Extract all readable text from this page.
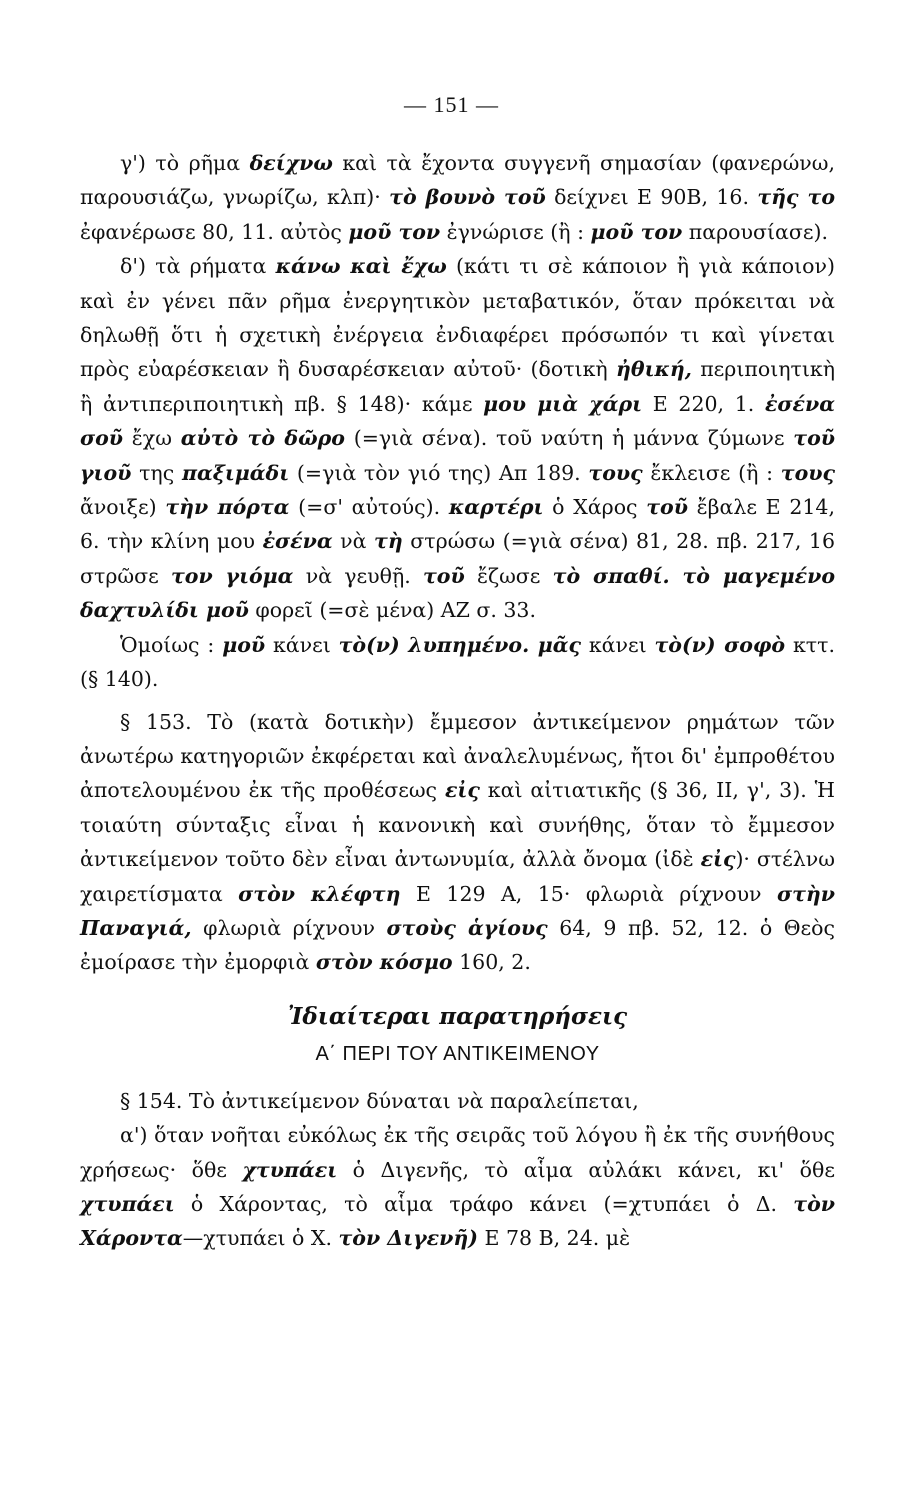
— 151 —

γ') τὸ ρῆμα δείχνω καὶ τὰ ἔχοντα συγγενῆ σημασίαν (φανερώνω, παρουσιάζω, γνωρίζω, κλπ)· τὸ βουνὸ τοῦ δείχνει Ε 90Β, 16. τῆς το ἐφανέρωσε 80, 11. αὐτὸς μοῦ τον ἐγνώρισε (ἢ : μοῦ τον παρουσίασε).

δ') τὰ ρήματα κάνω καὶ ἔχω (κάτι τι σὲ κάποιον ἢ γιὰ κάποιον) καὶ ἐν γένει πᾶν ρῆμα ἐνεργητικὸν μεταβατικόν, ὅταν πρόκειται νὰ δηλωθῇ ὅτι ἡ σχετικὴ ἐνέργεια ἐνδιαφέρει πρόσωπόν τι καὶ γίνεται πρὸς εὐαρέσκειαν ἢ δυσαρέσκειαν αὐτοῦ· (δοτικὴ ἠθική, περιποιητικὴ ἢ ἀντιπεριποιητικὴ πβ. § 148)· κάμε μου μιὰ χάρι Ε 220, 1. ἐσένα σοῦ ἔχω αὐτὸ τὸ δῶρο (=γιὰ σένα). τοῦ ναύτη ἡ μάννα ζύμωνε τοῦ γιοῦ της παξιμάδι (=γιὰ τὸν γιό της) Απ 189. τους ἔκλεισε (ἢ : τους ἄνοιξε) τὴν πόρτα (=σ' αὐτούς). καρτέρι ὁ Χάρος τοῦ ἔβαλε Ε 214, 6. τὴν κλίνη μου ἐσένα νὰ τὴ στρώσω (=γιὰ σένα) 81, 28. πβ. 217, 16 στρῶσε τον γιόμα νὰ γευθῇ. τοῦ ἔζωσε τὸ σπαθί. τὸ μαγεμένο δαχτυλίδι μοῦ φορεῖ (=σὲ μένα) ΑΖ σ. 33.

Ὁμοίως : μοῦ κάνει τὸ(ν) λυπημένο. μᾶς κάνει τὸ(ν) σοφὸ κττ. (§ 140).

§ 153. Τὸ (κατὰ δοτικὴν) ἔμμεσον ἀντικείμενον ρημάτων τῶν ἀνωτέρω κατηγοριῶν ἐκφέρεται καὶ ἀναλελυμένως, ἤτοι δι' ἐμπροθέτου ἀποτελουμένου ἐκ τῆς προθέσεως εἰς καὶ αἰτιατικῆς (§ 36, ΙΙ, γ', 3). Ἡ τοιαύτη σύνταξις εἶναι ἡ κανονικὴ καὶ συνήθης, ὅταν τὸ ἔμμεσον ἀντικείμενον τοῦτο δὲν εἶναι ἀντωνυμία, ἀλλὰ ὄνομα (ἰδὲ εἰς)· στέλνω χαιρετίσματα στὸν κλέφτη Ε 129 Α, 15· φλωριὰ ρίχνουν στὴν Παναγιά, φλωριὰ ρίχνουν στοὺς ἁγίους 64, 9 πβ. 52, 12. ὁ Θεὸς ἐμοίρασε τὴν ἐμορφιὰ στὸν κόσμο 160, 2.

Ἰδιαίτεραι παρατηρήσεις
Α΄ ΠΕΡΙ ΤΟΥ ΑΝΤΙΚΕΙΜΕΝΟΥ

§ 154. Τὸ ἀντικείμενον δύναται νὰ παραλείπεται,

α') ὅταν νοῆται εὐκόλως ἐκ τῆς σειρᾶς τοῦ λόγου ἢ ἐκ τῆς συνήθους χρήσεως· ὅθε χτυπάει ὁ Διγενῆς, τὸ αἷμα αὐλάκι κάνει, κι' ὅθε χτυπάει ὁ Χάροντας, τὸ αἷμα τράφο κάνει (=χτυπάει ὁ Δ. τὸν Χάροντα—χτυπάει ὁ Χ. τὸν Διγενῆ) Ε 78 Β, 24. μὲ
